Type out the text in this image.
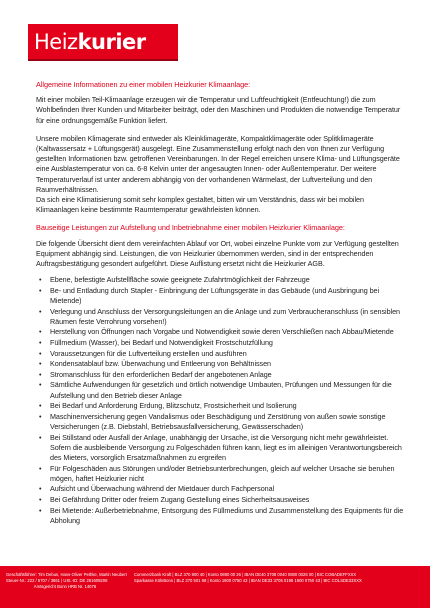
Heiz kurier

Allgemeine Informationen zu einer mobilen Heizkurier Klimaanlage:

Mit einer mobilen Teil-Klimaanlage erzeugen wir die Temperatur und Luftfeuchtigkeit (Entfeuchtung!) die zum Wohlbefinden Ihrer Kunden und Mitarbeiter beiträgt, oder den Maschinen und Produkten die notwendige Temperatur für eine ordnungsgemäße Funktion liefert.

Unsere mobilen Klimagerate sind entweder als Kleinklimageräte, Kompaktklimageräte oder Splitklimageräte (Kaltwassersatz + Lüftungsgerät) ausgelegt. Eine Zusammenstellung erfolgt nach den von Ihnen zur Verfügung gestellten Informationen bzw. getroffenen Vereinbarungen. In der Regel erreichen unsere Klima- und Lüftungsgeräte eine Ausblastemperatur von ca. 6-8 Kelvin unter der angesaugten Innen- oder Außentemperatur. Der weitere Temperaturverlauf ist unter anderem abhängig von der vorhandenen Wärmelast, der Luftverteilung und den Raumverhältnissen.

Da sich eine Klimatisierung somit sehr komplex gestaltet, bitten wir um Verständnis, dass wir bei mobilen Klimaanlagen keine bestimmte Raumtemperatur gewährleisten können.

Bauseitige Leistungen zur Aufstellung und Inbetriebnahme einer mobilen Heizkurier Klimaanlage:

Die folgende Übersicht dient dem vereinfachten Ablauf vor Ort, wobei einzelne Punkte vom zur Verfügung gestellten Equipment abhängig sind. Leistungen, die von Heizkurier übernommen werden, sind in der entsprechenden Auftragsbestätigung gesondert aufgeführt. Diese Auflistung ersetzt nicht die Heizkurier AGB.

• Ebene, befestigte Aufstellfläche sowie geeignete Zufahrtmöglichkeit der Fahrzeuge
• Be- und Entladung durch Stapler - Einbringung der Lüftungsgeräte in das Gebäude (und Ausbringung bei Mietende)
• Verlegung und Anschluss der Versorgungsleitungen an die Anlage und zum Verbraucheranschluss (in sensiblen Räumen feste Verrohrung vorsehen!)
• Herstellung von Öffnungen nach Vorgabe und Notwendigkeit sowie deren Verschließen nach Abbau/Mietende
• Füllmedium (Wasser), bei Bedarf und Notwendigkeit Frostschutzfüllung
• Voraussetzungen für die Luftverteilung erstellen und ausführen
• Kondensatablauf bzw. Überwachung und Entleerung von Behältnissen
• Stromanschluss für den erforderlichen Bedarf der angebotenen Anlage
• Sämtliche Aufwendungen für gesetzlich und örtlich notwendige Umbauten, Prüfungen und Messungen für die Aufstellung und den Betrieb dieser Anlage
• Bei Bedarf und Anforderung Erdung, Blitzschutz, Frostsicherheit und Isolierung
• Maschinenversicherung gegen Vandalismus oder Beschädigung und Zerstörung von außen sowie sonstige Versicherungen (z.B. Diebstahl, Betriebsausfallversicherung, Gewässerschaden)
• Bei Stillstand oder Ausfall der Anlage, unabhängig der Ursache, ist die Versorgung nicht mehr gewährleistet. Sofern die ausbleibende Versorgung zu Folgeschäden führen kann, liegt es im alleinigen Verantwortungsbereich des Mieters, vorsorglich Ersatzmaßnahmen zu ergreifen
• Für Folgeschäden aus Störungen und/oder Betriebsunterbrechungen, gleich auf welcher Ursache sie beruhen mögen, haftet Heizkurier nicht
• Aufsicht und Überwachung während der Mietdauer durch Fachpersonal
• Bei Gefährdung Dritter oder freiem Zugang Gestellung eines Sicherheitsausweises
• Bei Mietende: Außerbetriebnahme, Entsorgung des Füllmediums und Zusammenstellung des Equipments für die Abholung
Geschäftsführer: Tim Debus, Hans-Oliver Pethke, Martin Neubert
Steuer-Nr.: 222 / 5707 / 3861 | USt.-ID: DE 261609208
Amtsgericht Bonn HRB Nr. 14076
Commerzbank Kraft | BLZ 370 800 40 | Konto 0880 00 26 | IBAN DE40 3708 0040 0880 0026 00 | BIC COBADEFFXXX
Sparkasse KölnBonn | BLZ 370 501 98 | Konto 1900 0750 43 | IBAN DE33 3705 0198 1900 0750 43 | BIC COLSDE33XXX
